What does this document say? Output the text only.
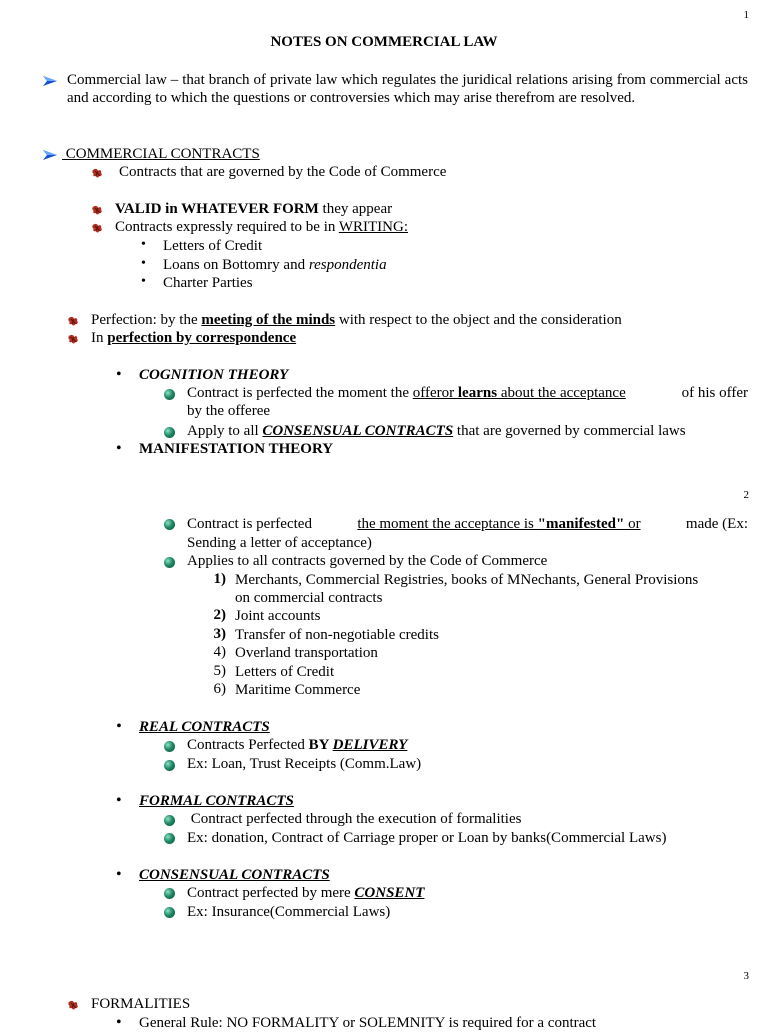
1
NOTES ON COMMERCIAL LAW
Commercial law – that branch of private law which regulates the juridical relations arising from commercial acts and according to which the questions or controversies which may arise therefrom are resolved.
COMMERCIAL CONTRACTS
Contracts that are governed by the Code of Commerce
VALID in WHATEVER FORM they appear
Contracts expressly required to be in WRITING:
• Letters of Credit
• Loans on Bottomry and respondentia
• Charter Parties
Perfection: by the meeting of the minds with respect to the object and the consideration
In perfection by correspondence
• COGNITION THEORY
Contract is perfected the moment the offeror learns about the acceptance	of his offer
by the offeree
Apply to all CONSENSUAL CONTRACTS that are governed by commercial laws
• MANIFESTATION THEORY
2
Contract is perfected	the moment the acceptance is "manifested" or	made (Ex:
Sending a letter of acceptance)
Applies to all contracts governed by the Code of Commerce
1) Merchants, Commercial Registries, books of MNechants, General Provisions
on commercial contracts
2) Joint accounts
3) Transfer of non-negotiable credits
4) Overland transportation
5) Letters of Credit
6) Maritime Commerce
• REAL CONTRACTS
Contracts Perfected BY DELIVERY
Ex: Loan, Trust Receipts (Comm.Law)
• FORMAL CONTRACTS
Contract perfected through the execution of formalities
Ex: donation, Contract of Carriage proper or Loan by banks(Commercial Laws)
• CONSENSUAL CONTRACTS
Contract perfected by mere CONSENT
Ex: Insurance(Commercial Laws)
3
FORMALITIES
• General Rule: NO FORMALITY or SOLEMNITY is required for a contract
